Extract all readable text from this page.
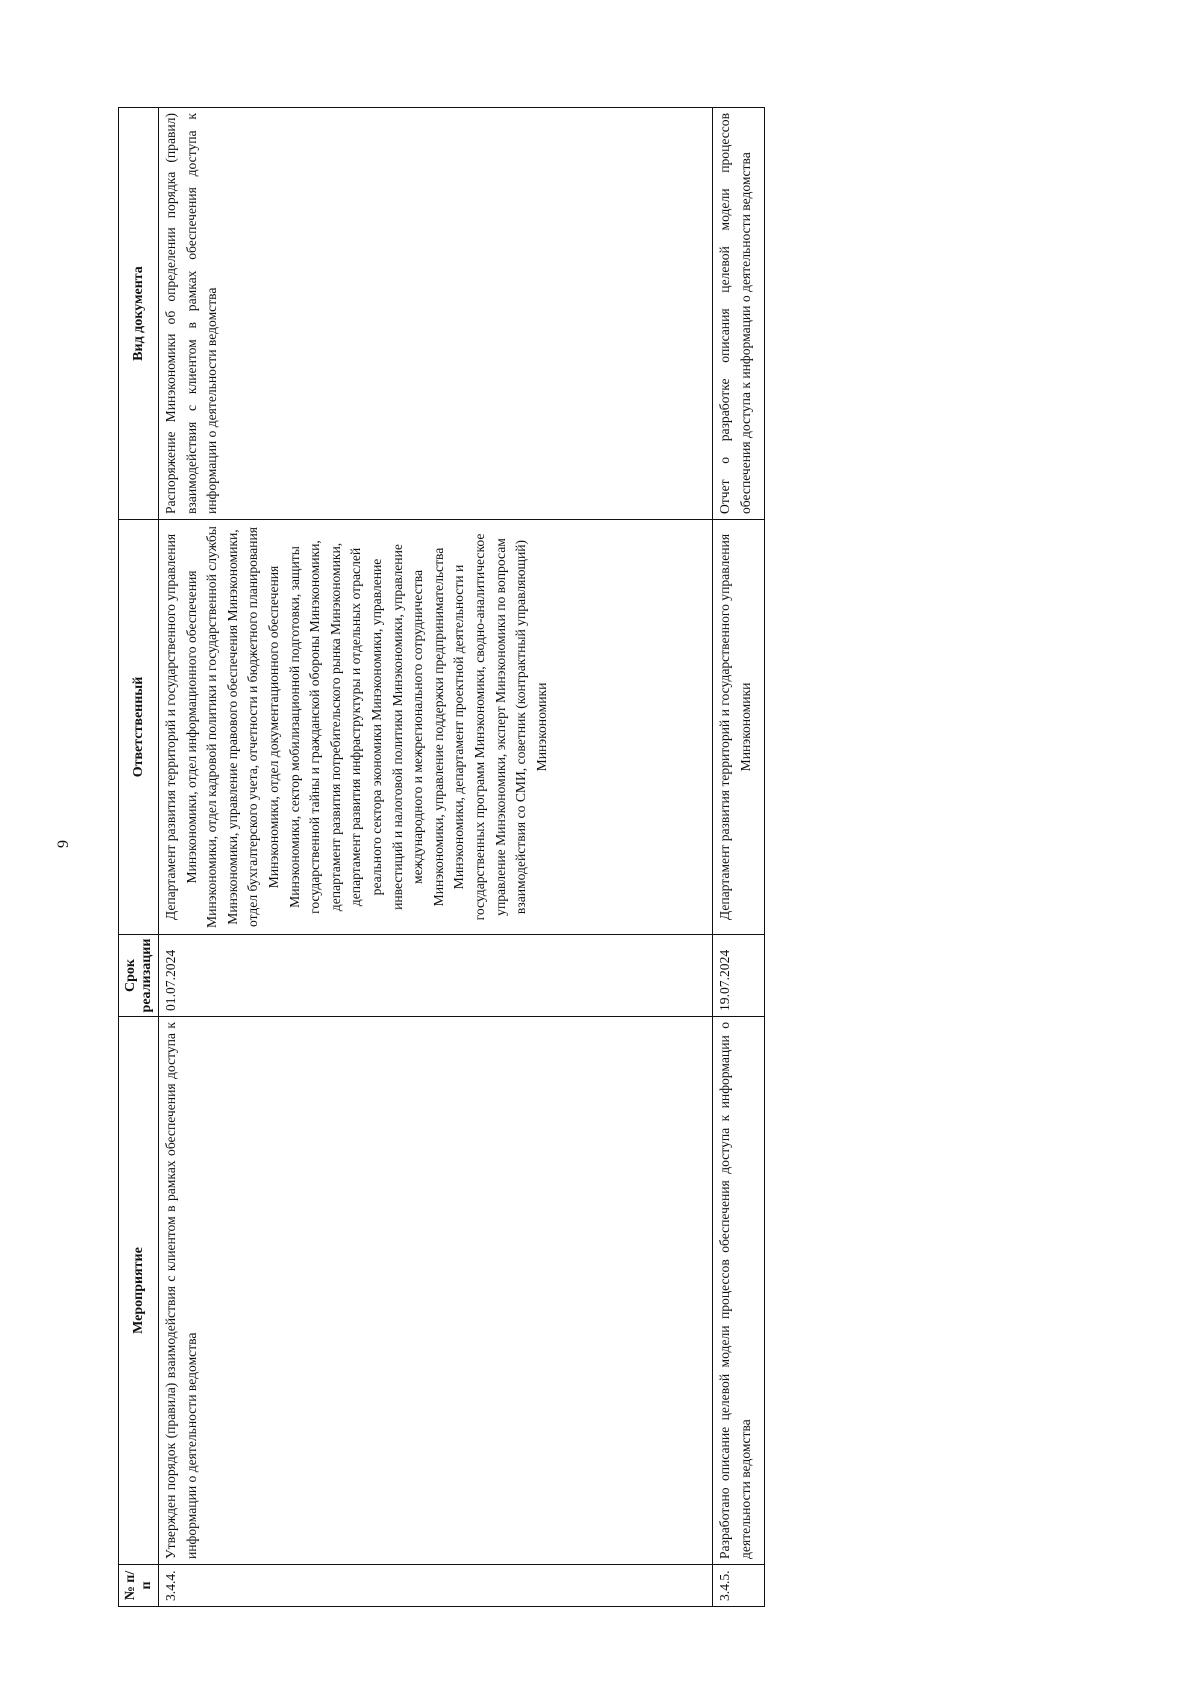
9
№ п/п	Мероприятие	Срок реализации	Ответственный	Вид документа
3.4.4.	Утвержден порядок (правила) взаимодействия с клиентом в рамках обеспечения доступа к информации о деятельности ведомства	01.07.2024	Департамент развития территорий и государственного управления Минэкономики, отдел информационного обеспечения Минэкономики, отдел кадровой политики и государственной службы Минэкономики, управление правового обеспечения Минэкономики, отдел бухгалтерского учета, отчетности и бюджетного планирования Минэкономики, отдел документационного обеспечения Минэкономики, сектор мобилизационной подготовки, защиты государственной тайны и гражданской обороны Минэкономики, департамент развития потребительского рынка Минэкономики, департамент развития инфраструктуры и отдельных отраслей реального сектора экономики Минэкономики, управление инвестиций и налоговой политики Минэкономики, управление международного и межрегионального сотрудничества Минэкономики, управление поддержки предпринимательства Минэкономики, департамент проектной деятельности и государственных программ Минэкономики, сводно-аналитическое управление Минэкономики, эксперт Минэкономики по вопросам взаимодействия со СМИ, советник (контрактный управляющий) Минэкономики	Распоряжение Минэкономики об определении порядка (правил) взаимодействия с клиентом в рамках обеспечения доступа к информации о деятельности ведомства
3.4.5.	Разработано описание целевой модели процессов обеспечения доступа к информации о деятельности ведомства	19.07.2024	Департамент развития территорий и государственного управления Минэкономики	Отчет о разработке описания целевой модели процессов обеспечения доступа к информации о деятельности ведомства
